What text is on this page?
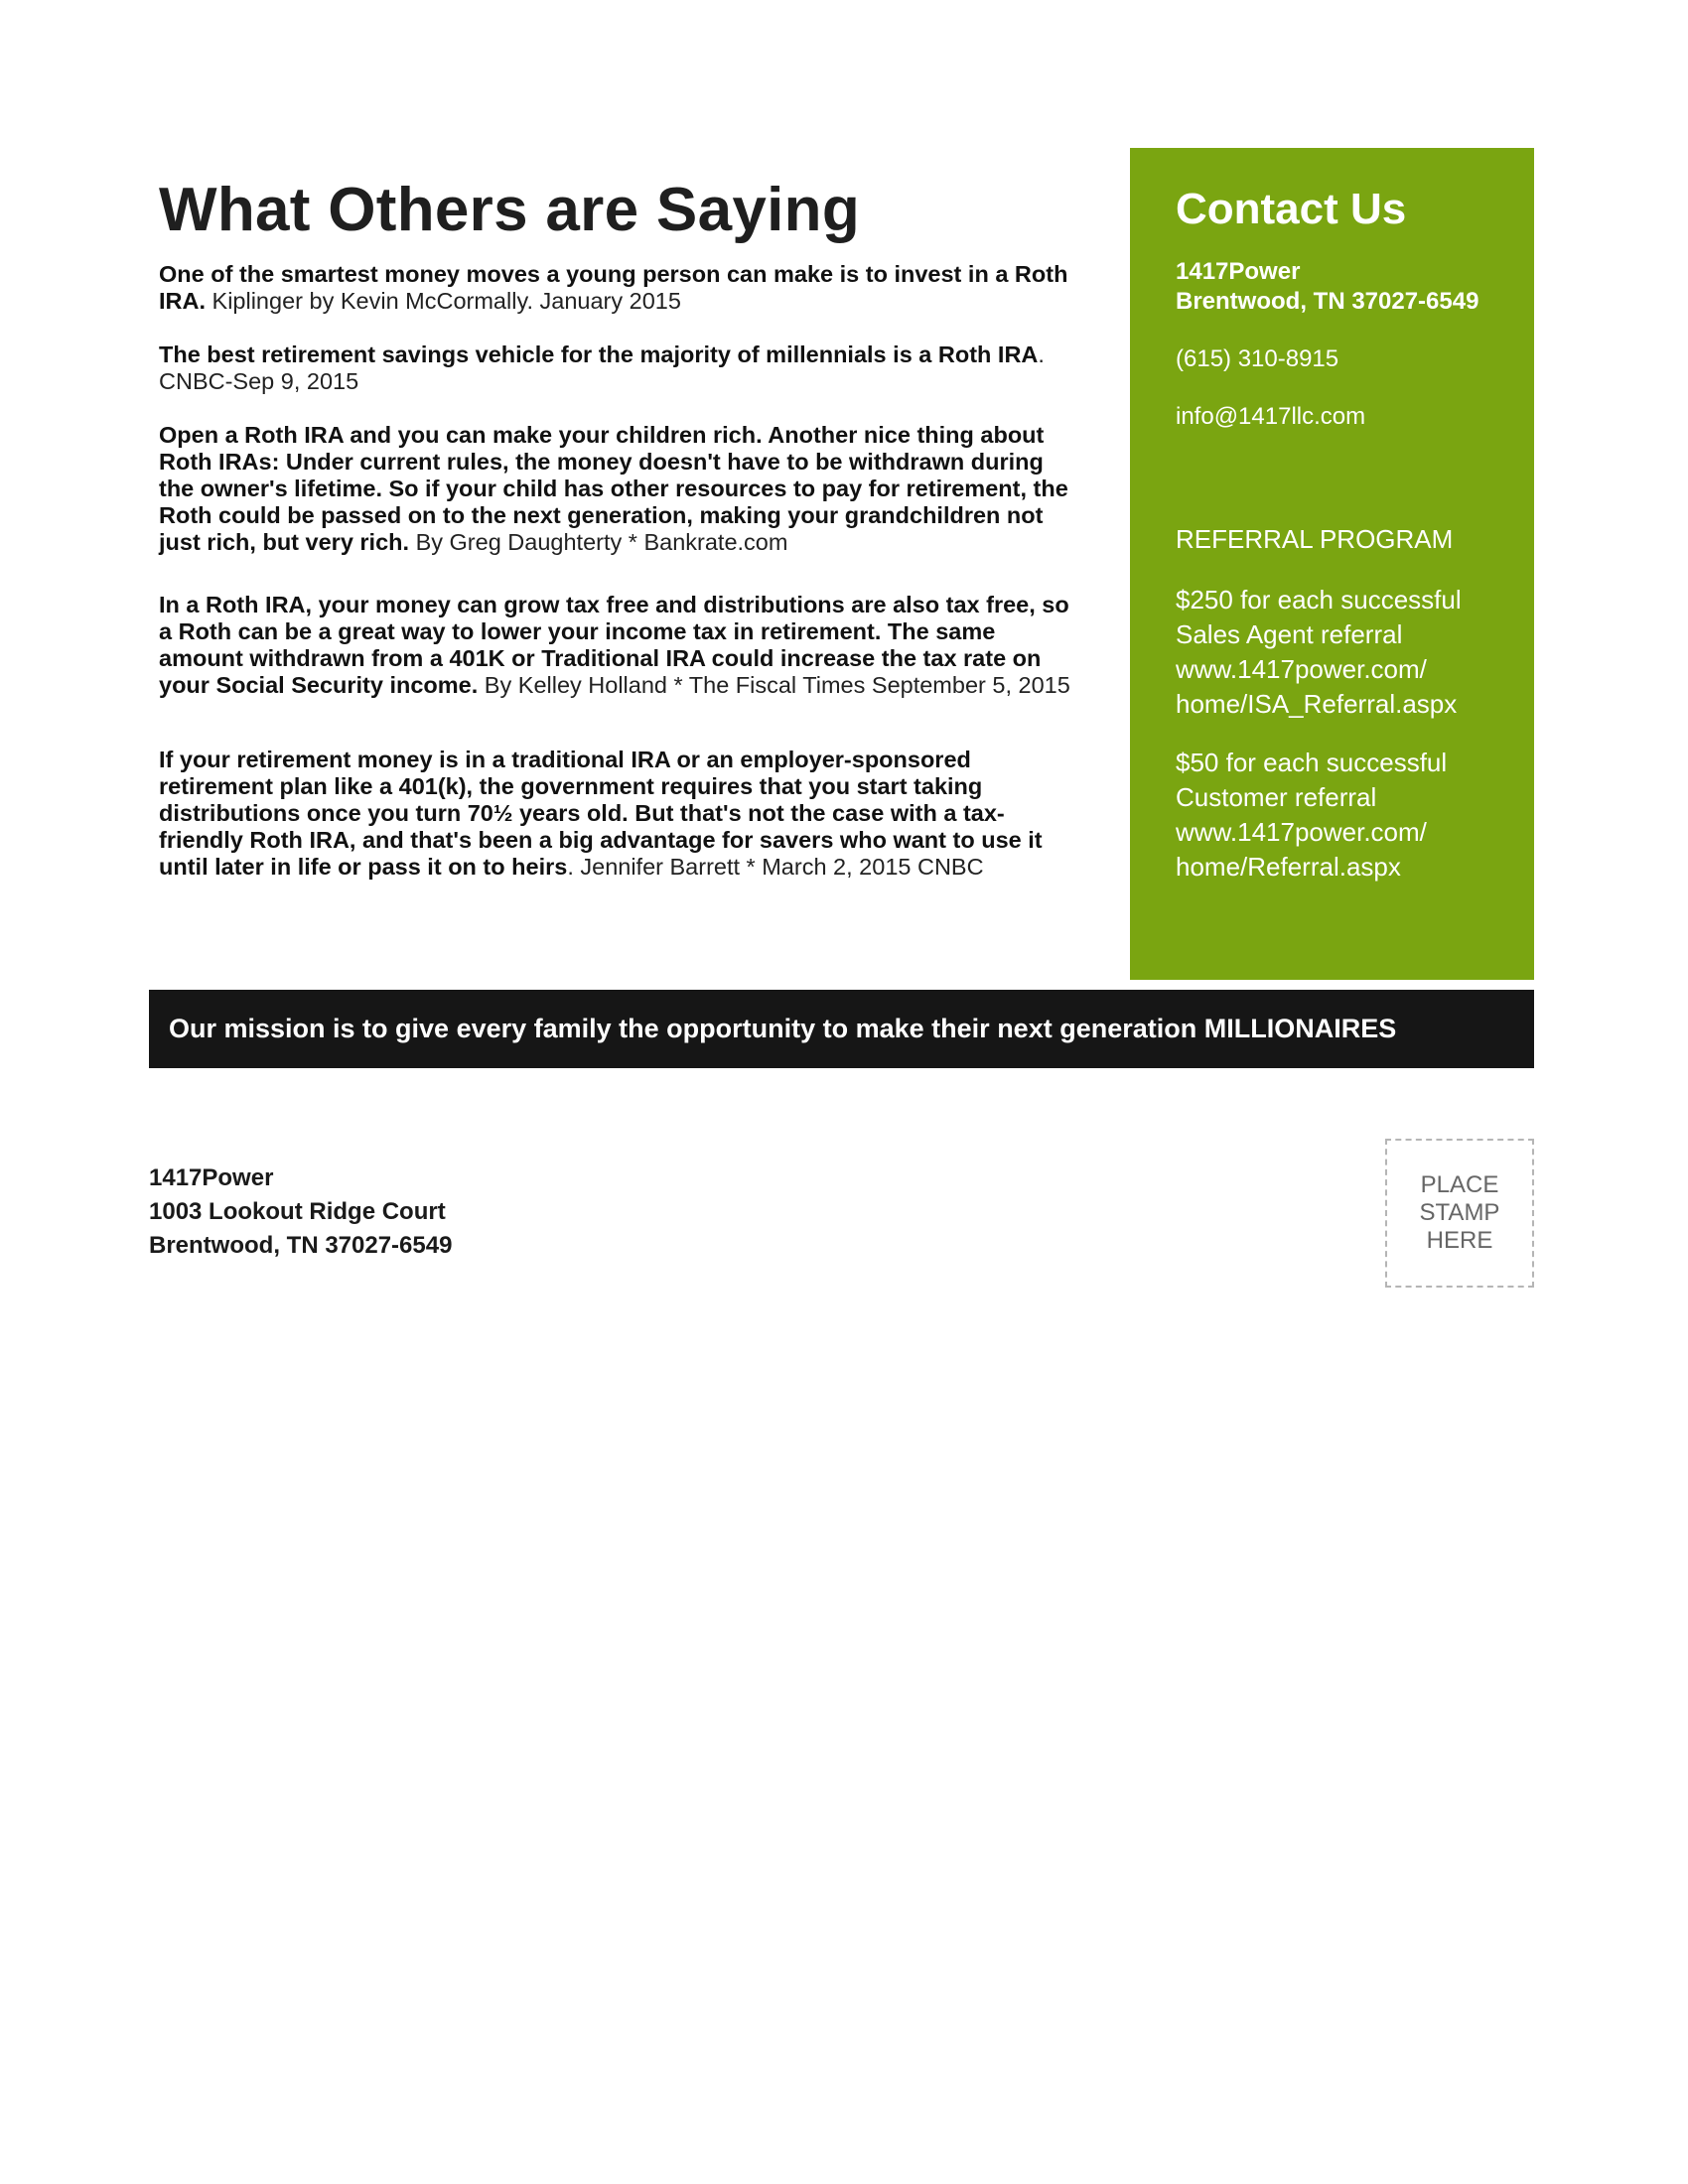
What Others are Saying

One of the smartest money moves a young person can make is to invest in a Roth IRA. Kiplinger by Kevin McCormally. January 2015

The best retirement savings vehicle for the majority of millennials is a Roth IRA. CNBC-Sep 9, 2015

Open a Roth IRA and you can make your children rich. Another nice thing about Roth IRAs: Under current rules, the money doesn't have to be withdrawn during the owner's lifetime. So if your child has other resources to pay for retirement, the Roth could be passed on to the next generation, making your grandchildren not just rich, but very rich. By Greg Daughterty * Bankrate.com

In a Roth IRA, your money can grow tax free and distributions are also tax free, so a Roth can be a great way to lower your income tax in retirement. The same amount withdrawn from a 401K or Traditional IRA could increase the tax rate on your Social Security income. By Kelley Holland * The Fiscal Times September 5, 2015

If your retirement money is in a traditional IRA or an employer-sponsored retirement plan like a 401(k), the government requires that you start taking distributions once you turn 70½ years old. But that's not the case with a tax-friendly Roth IRA, and that's been a big advantage for savers who want to use it until later in life or pass it on to heirs. Jennifer Barrett * March 2, 2015 CNBC

Contact Us

1417Power

Brentwood, TN 37027-6549

(615) 310-8915

info@1417llc.com

REFERRAL PROGRAM

$250 for each successful
Sales Agent referral
www.1417power.com/
home/ISA_Referral.aspx
$50 for each successful
Customer referral
www.1417power.com/
home/Referral.aspx
Our mission is to give every family the opportunity to make their next generation MILLIONAIRES
1417Power
1003 Lookout Ridge Court
Brentwood, TN 37027-6549
PLACE
STAMP
HERE
